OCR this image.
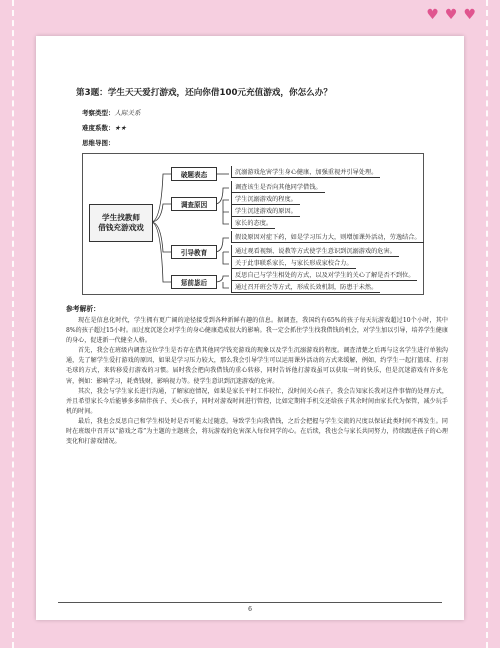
♥ ♥ ♥
第3题：学生天天爱打游戏，还向你借100元充值游戏，你怎么办？
考察类型：人际关系
难度系数：★★
思维导图：
学生找教师
借钱充游戏戏
破题表态	沉溺游戏危害学生身心健康，加强重视并引导处理。
调查原因
调查该生是否向其他同学借钱。
学生沉溺游戏的程度。
学生沉迷游戏的原因。
家长的态度。
引导教育
假设原因对症下药，如是学习压力大，则增加课外活动，劳逸结合。
通过观看视频、说教等方式使学生意识到沉溺游戏的危害。
关于此事联系家长，与家长形成家校合力。
惩前毖后
反思自己与学生相处的方式，以及对学生的关心了解是否不到位。
通过召开班会等方式，形成长效机制，防患于未然。
参考解析：

现在是信息化时代，学生拥有更广阔的途径接受到各种新鲜有趣的信息。据调查，我国约有65%的孩子每天玩游戏超过10个小时，其中8%的孩子超过15小时。而过度沉迷会对学生的身心健康造成很大的影响。我一定会抓住学生找我借钱的机会，对学生加以引导，培养学生健康的身心，促进新一代健全人格。

首先，我会在班级内调查这位学生是否存在借其他同学钱充游戏的现象以及学生沉溺游戏的程度。调查清楚之后再与这名学生进行单独沟通，先了解学生爱打游戏的原因，如果是学习压力较大，那么我会引导学生可以运用课外活动的方式来缓解，例如，约学生一起打篮球、打羽毛球的方式，来转移爱打游戏的习惯。届时我会把向我借钱的重心转移，同时告诉他打游戏虽可以获取一时的快乐，但是沉迷游戏有许多危害，例如：影响学习，耗费钱财，影响视力等。使学生意识到沉迷游戏的危害。

其次，我会与学生家长进行沟通，了解家庭情况，如果是家长平时工作较忙，没时间关心孩子，我会告知家长我对这件事情的处理方式，并且希望家长今后能够多多陪伴孩子、关心孩子，同时对游戏时间进行管控，比如定期将手机交还给孩子其余时间由家长代为保管，减少玩手机的时间。

最后，我也会反思自己和学生相处时是否可能太过随意，导致学生向我借钱，之后会把握与学生交流的尺度以保证此类时间不再发生。同时在班级中召开以“游戏之毒”为主题的主题班会，将玩游戏的危害深入每位同学的心。在后续，我也会与家长共同努力，持续跟进孩子的心理变化和打游戏情况。

6
